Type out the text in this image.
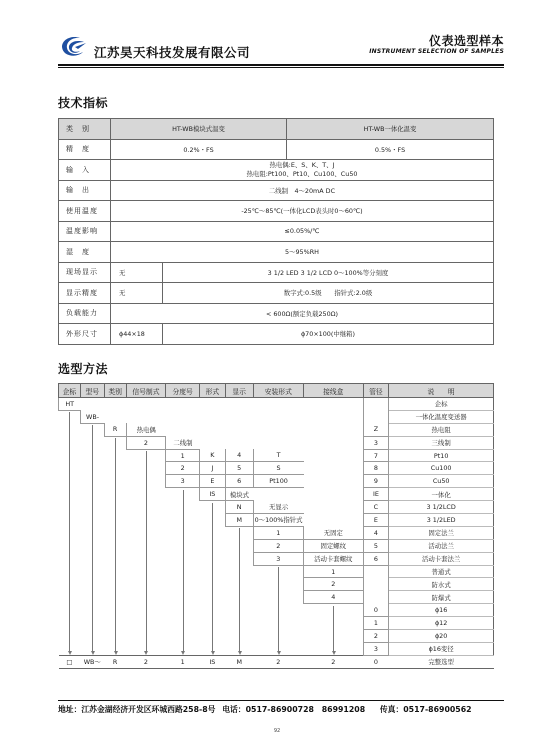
江苏昊天科技发展有限公司
仪表选型样本
INSTRUMENT SELECTION OF SAMPLES
技术指标
类　别	HT-WB模块式温变		HT-WB一体化温变
精　度	0.2%・FS		0.5%・FS
输　入	热电偶:E、S、K、T、J
热电阻:Pt100、Pt10、Cu100、Cu50		

输　出	二线制　4～20mA DC		
使用温度	-25℃～85℃(一体化LCD表头时0～60℃)		
温度影响	≤0.05%/℃		
湿　度	5～95%RH		
现场显示	无	3 1/2 LED 3 1/2 LCD 0～100%等分刻度	
显示精度	无	数字式:0.5级　　指针式:2.0级	
负载能力	< 600Ω(额定负载250Ω)		
外形尺寸	ϕ44×18	ϕ70×100(中继箱)	
选型方法
企标	型号	类别	信号制式	分度号	形式	显示	安装形式	接线盒	管径	说　　明
HT										企标
	WB-									一体化温度变送器
		R	热电偶						Z	热电阻
			2	二线制					3	三线制
				1	K	4	T		7	Pt10
				2	J	5	S		8	Cu100
				3	E	6	Pt100		9	Cu50
					IS	模块式			IE	一体化
						N	无显示		C	3 1/2LCD
						M	0～100%指针式		E	3 1/2LED
							1	无固定	4	固定法兰
							2	固定螺纹	5	活动法兰
							3	活动卡套螺纹	6	活动卡套法兰
								1		普通式
								2		防水式
								4		防爆式
									0	ϕ16
									1	ϕ12
									2	ϕ20
									3	ϕ16变径
□	WB～	R	2	1	IS	M	2	2	0	完整选型
地址：江苏金湖经济开发区环城西路258-8号 电话：0517-86900728　86991208 传真：0517-86900562
92
